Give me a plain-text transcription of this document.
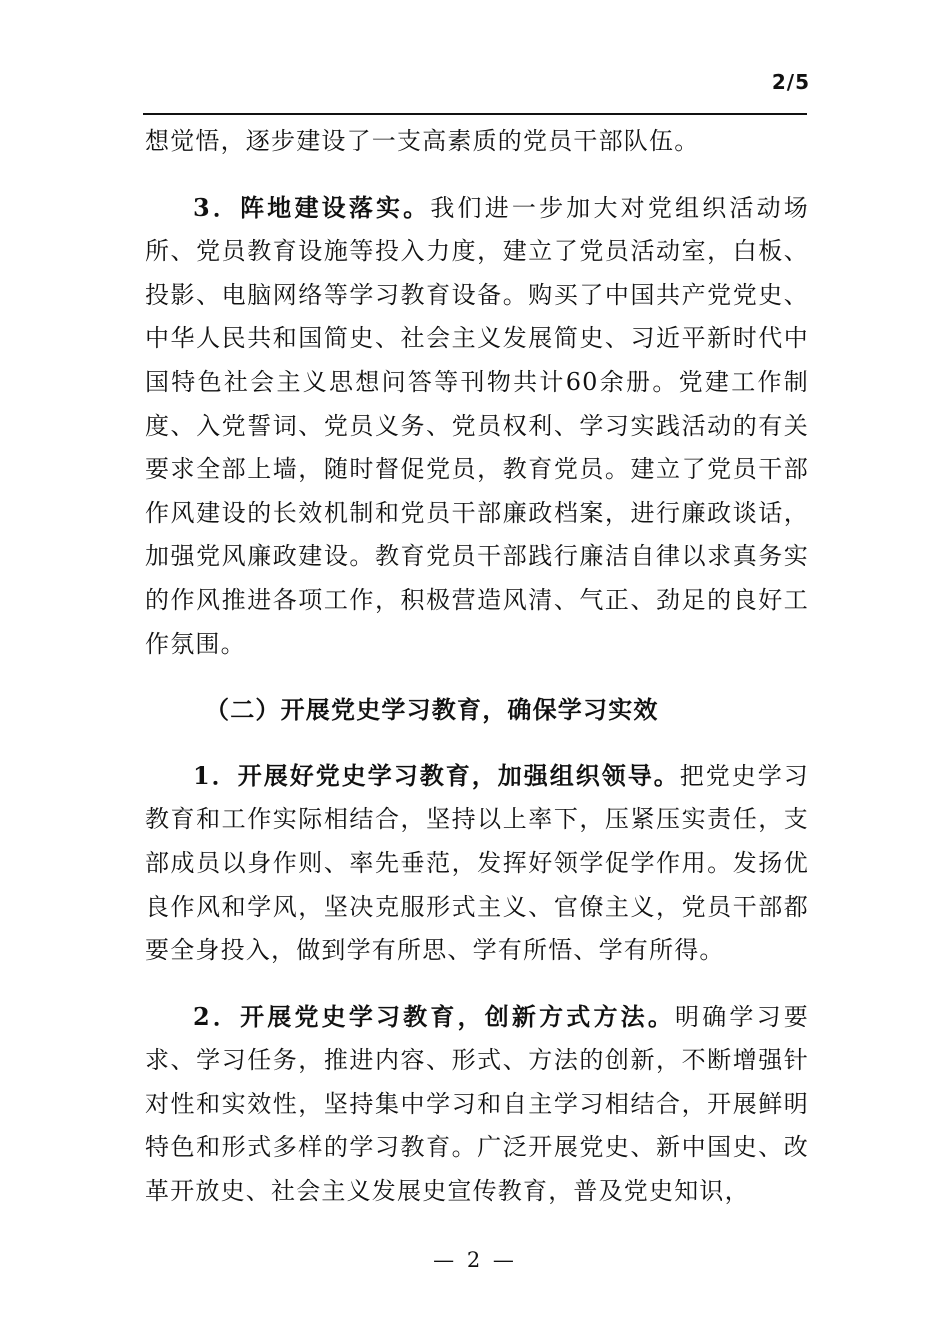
2/5

想觉悟，逐步建设了一支高素质的党员干部队伍。

3．阵地建设落实。我们进一步加大对党组织活动场所、党员教育设施等投入力度，建立了党员活动室，白板、投影、电脑网络等学习教育设备。购买了中国共产党党史、中华人民共和国简史、社会主义发展简史、习近平新时代中国特色社会主义思想问答等刊物共计60余册。党建工作制度、入党誓词、党员义务、党员权利、学习实践活动的有关要求全部上墙，随时督促党员，教育党员。建立了党员干部作风建设的长效机制和党员干部廉政档案，进行廉政谈话，加强党风廉政建设。教育党员干部践行廉洁自律以求真务实的作风推进各项工作，积极营造风清、气正、劲足的良好工作氛围。

（二）开展党史学习教育，确保学习实效

1．开展好党史学习教育，加强组织领导。把党史学习教育和工作实际相结合，坚持以上率下，压紧压实责任，支部成员以身作则、率先垂范，发挥好领学促学作用。发扬优良作风和学风，坚决克服形式主义、官僚主义，党员干部都要全身投入，做到学有所思、学有所悟、学有所得。

2．开展党史学习教育，创新方式方法。明确学习要求、学习任务，推进内容、形式、方法的创新，不断增强针对性和实效性，坚持集中学习和自主学习相结合，开展鲜明特色和形式多样的学习教育。广泛开展党史、新中国史、改革开放史、社会主义发展史宣传教育，普及党史知识，

— 2 —
